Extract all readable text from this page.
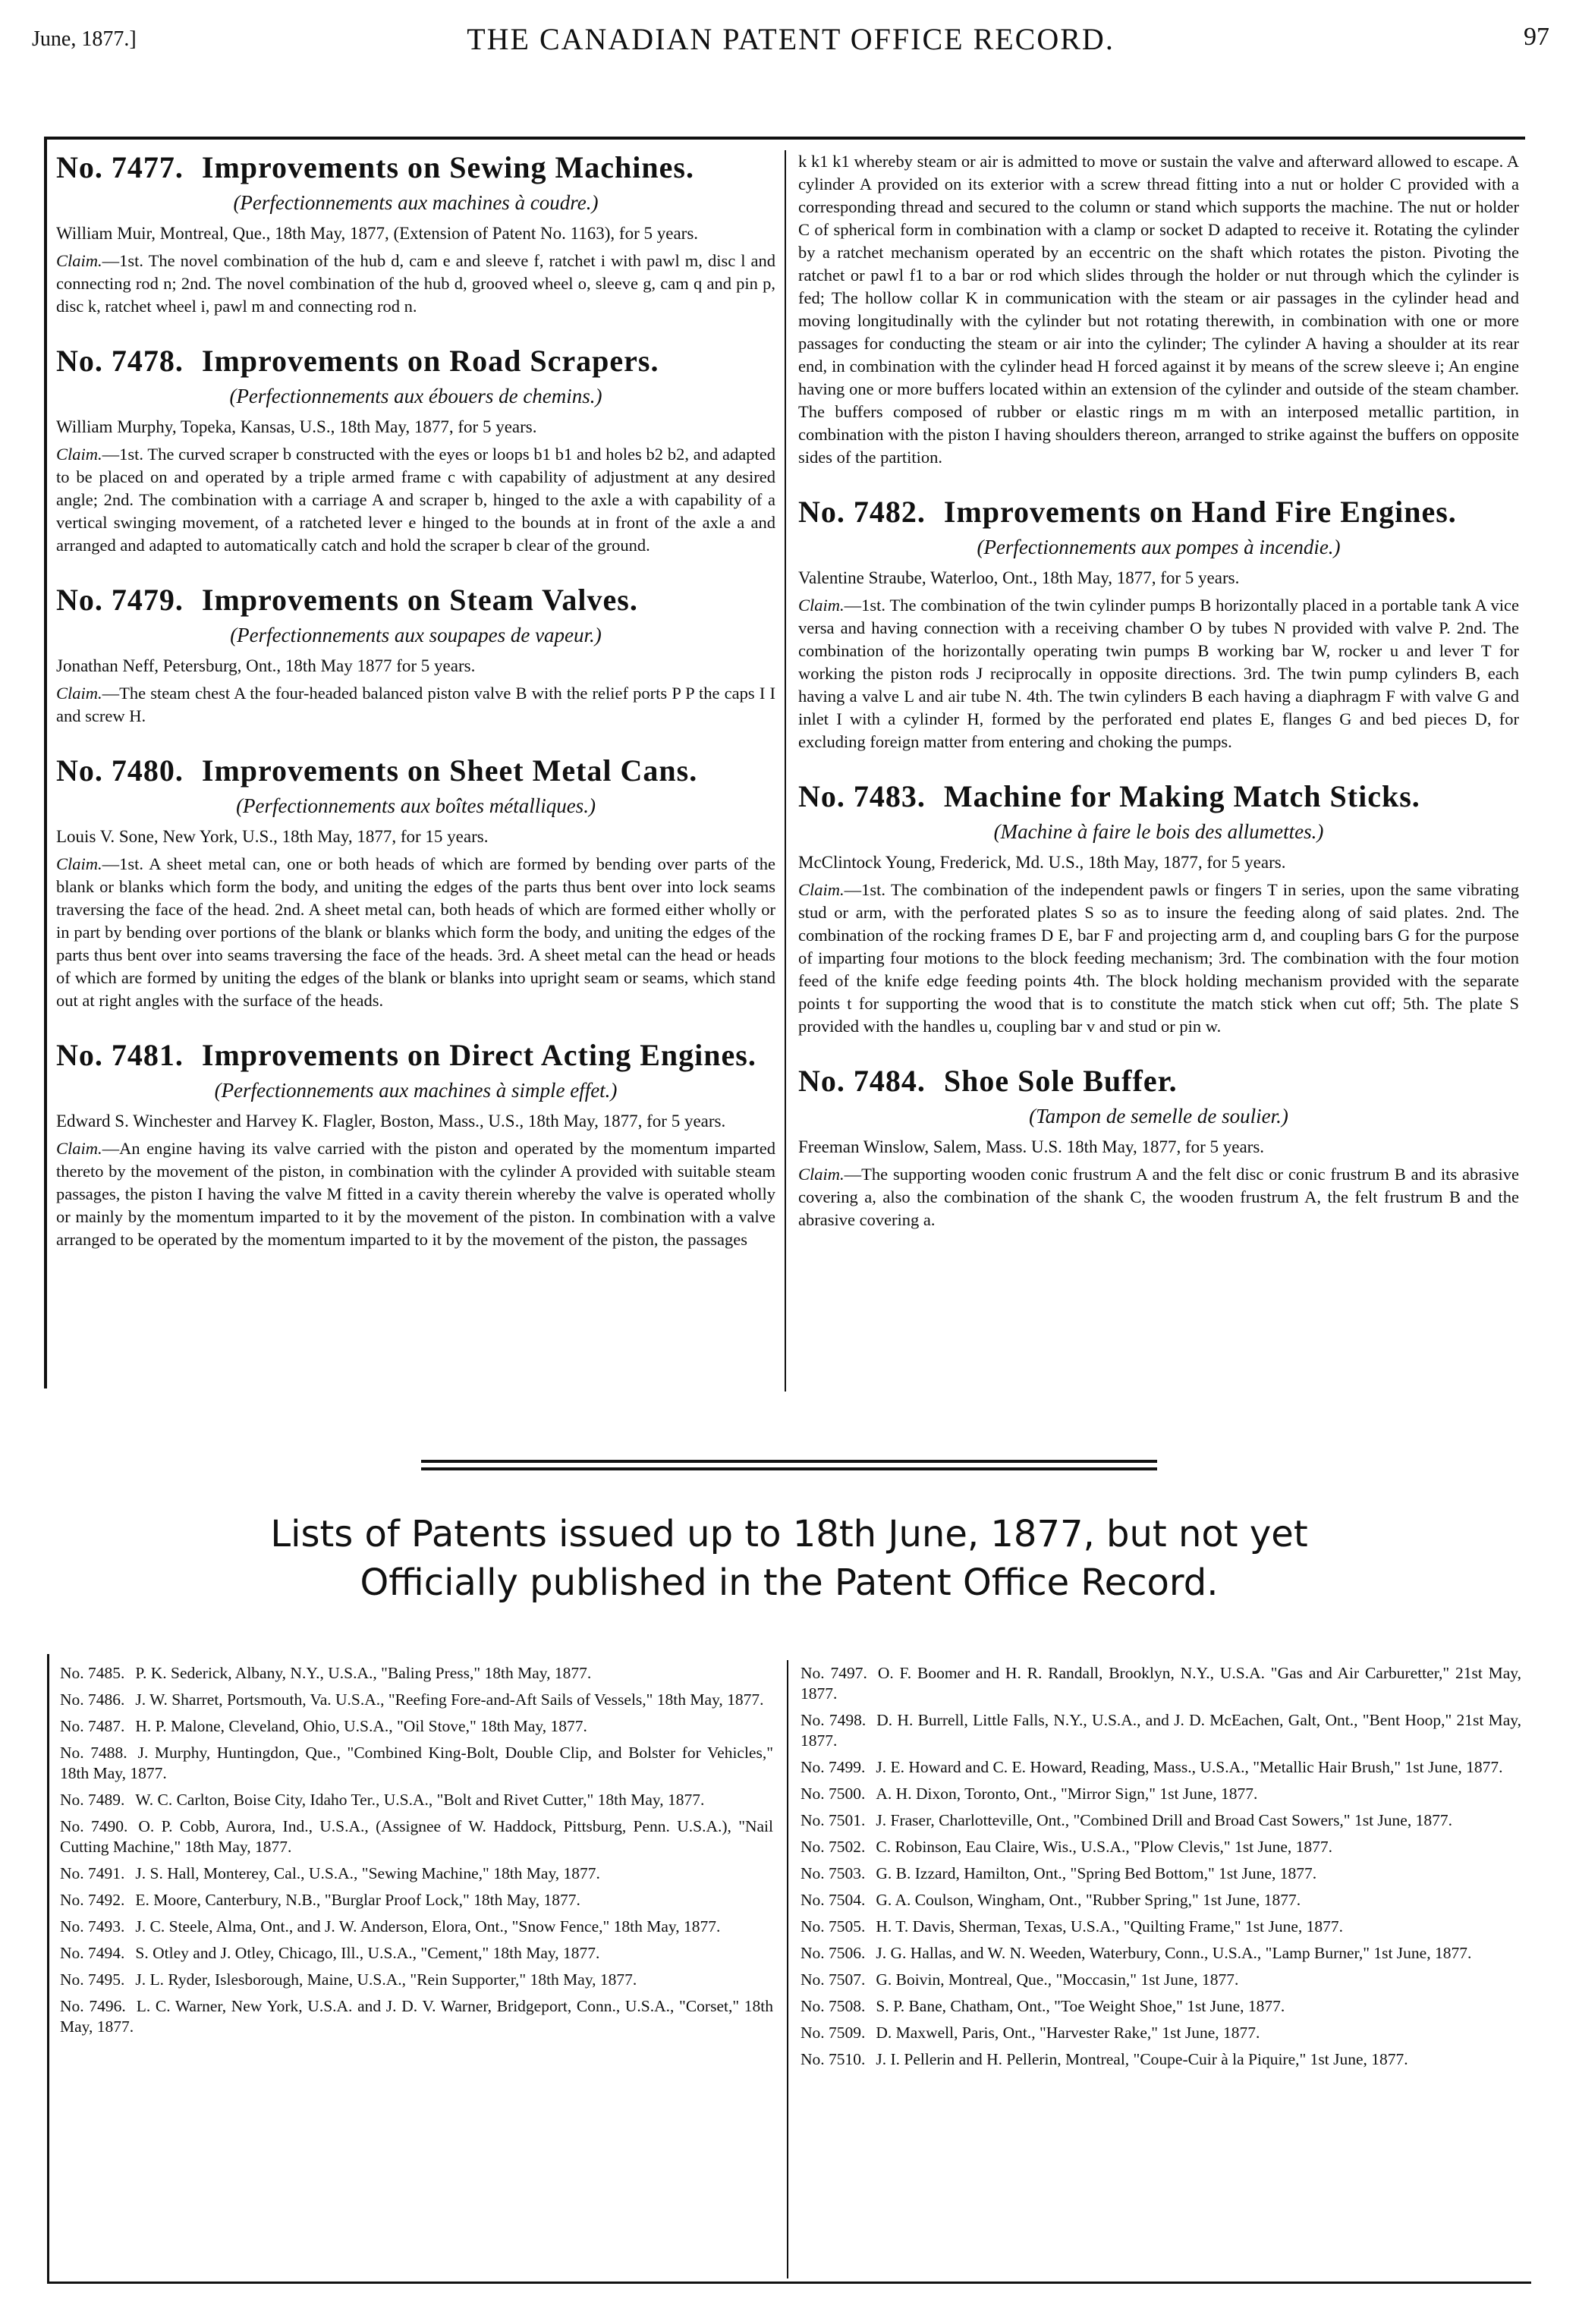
June, 1877.]	THE CANADIAN PATENT OFFICE RECORD.	97
No. 7477. Improvements on Sewing Machines.
(Perfectionnements aux machines à coudre.)
William Muir, Montreal, Que., 18th May, 1877, (Extension of Patent No. 1163), for 5 years.
Claim.—1st. The novel combination of the hub d, cam e and sleeve f, ratchet i with pawl m, disc l and connecting rod n; 2nd. The novel combination of the hub d, grooved wheel o, sleeve g, cam q and pin p, disc k, ratchet wheel i, pawl m and connecting rod n.
No. 7478. Improvements on Road Scrapers.
(Perfectionnements aux ébouers de chemins.)
William Murphy, Topeka, Kansas, U.S., 18th May, 1877, for 5 years.
Claim.—1st. The curved scraper b constructed with the eyes or loops b1 b1 and holes b2 b2, and adapted to be placed on and operated by a triple armed frame c with capability of adjustment at any desired angle; 2nd. The combination with a carriage A and scraper b, hinged to the axle a with capability of a vertical swinging movement, of a ratcheted lever e hinged to the bounds at in front of the axle a and arranged and adapted to automatically catch and hold the scraper b clear of the ground.
No. 7479. Improvements on Steam Valves.
(Perfectionnements aux soupapes de vapeur.)
Jonathan Neff, Petersburg, Ont., 18th May 1877 for 5 years.
Claim.—The steam chest A the four-headed balanced piston valve B with the relief ports P P the caps I I and screw H.
No. 7480. Improvements on Sheet Metal Cans.
(Perfectionnements aux boîtes métalliques.)
Louis V. Sone, New York, U.S., 18th May, 1877, for 15 years.
Claim.—1st. A sheet metal can, one or both heads of which are formed by bending over parts of the blank or blanks which form the body, and uniting the edges of the parts thus bent over into lock seams traversing the face of the head. 2nd. A sheet metal can, both heads of which are formed either wholly or in part by bending over portions of the blank or blanks which form the body, and uniting the edges of the parts thus bent over into seams traversing the face of the heads. 3rd. A sheet metal can the head or heads of which are formed by uniting the edges of the blank or blanks into upright seam or seams, which stand out at right angles with the surface of the heads.
No. 7481. Improvements on Direct Acting Engines.
(Perfectionnements aux machines à simple effet.)
Edward S. Winchester and Harvey K. Flagler, Boston, Mass., U.S., 18th May, 1877, for 5 years.
Claim.—An engine having its valve carried with the piston and operated by the momentum imparted thereto by the movement of the piston, in combination with the cylinder A provided with suitable steam passages, the piston I having the valve M fitted in a cavity therein whereby the valve is operated wholly or mainly by the momentum imparted to it by the movement of the piston. In combination with a valve arranged to be operated by the momentum imparted to it by the movement of the piston, the passages
k k1 k1 whereby steam or air is admitted to move or sustain the valve and afterward allowed to escape. A cylinder A provided on its exterior with a screw thread fitting into a nut or holder C provided with a corresponding thread and secured to the column or stand which supports the machine. The nut or holder C of spherical form in combination with a clamp or socket D adapted to receive it. Rotating the cylinder by a ratchet mechanism operated by an eccentric on the shaft which rotates the piston. Pivoting the ratchet or pawl f1 to a bar or rod which slides through the holder or nut through which the cylinder is fed; The hollow collar K in communication with the steam or air passages in the cylinder head and moving longitudinally with the cylinder but not rotating therewith, in combination with one or more passages for conducting the steam or air into the cylinder; The cylinder A having a shoulder at its rear end, in combination with the cylinder head H forced against it by means of the screw sleeve i; An engine having one or more buffers located within an extension of the cylinder and outside of the steam chamber. The buffers composed of rubber or elastic rings m m with an interposed metallic partition, in combination with the piston I having shoulders thereon, arranged to strike against the buffers on opposite sides of the partition.
No. 7482. Improvements on Hand Fire Engines.
(Perfectionnements aux pompes à incendie.)
Valentine Straube, Waterloo, Ont., 18th May, 1877, for 5 years.
Claim.—1st. The combination of the twin cylinder pumps B horizontally placed in a portable tank A vice versa and having connection with a receiving chamber O by tubes N provided with valve P. 2nd. The combination of the horizontally operating twin pumps B working bar W, rocker u and lever T for working the piston rods J reciprocally in opposite directions. 3rd. The twin pump cylinders B, each having a valve L and air tube N. 4th. The twin cylinders B each having a diaphragm F with valve G and inlet I with a cylinder H, formed by the perforated end plates E, flanges G and bed pieces D, for excluding foreign matter from entering and choking the pumps.
No. 7483. Machine for Making Match Sticks.
(Machine à faire le bois des allumettes.)
McClintock Young, Frederick, Md. U.S., 18th May, 1877, for 5 years.
Claim.—1st. The combination of the independent pawls or fingers T in series, upon the same vibrating stud or arm, with the perforated plates S so as to insure the feeding along of said plates. 2nd. The combination of the rocking frames D E, bar F and projecting arm d, and coupling bars G for the purpose of imparting four motions to the block feeding mechanism; 3rd. The combination with the four motion feed of the knife edge feeding points 4th. The block holding mechanism provided with the separate points t for supporting the wood that is to constitute the match stick when cut off; 5th. The plate S provided with the handles u, coupling bar v and stud or pin w.
No. 7484. Shoe Sole Buffer.
(Tampon de semelle de soulier.)
Freeman Winslow, Salem, Mass. U.S. 18th May, 1877, for 5 years.
Claim.—The supporting wooden conic frustrum A and the felt disc or conic frustrum B and its abrasive covering a, also the combination of the shank C, the wooden frustrum A, the felt frustrum B and the abrasive covering a.
Lists of Patents issued up to 18th June, 1877, but not yet
Officially published in the Patent Office Record.
No. 7485. P. K. Sederick, Albany, N.Y., U.S.A., "Baling Press," 18th May, 1877.
No. 7486. J. W. Sharret, Portsmouth, Va. U.S.A., "Reefing Fore-and-Aft Sails of Vessels," 18th May, 1877.
No. 7487. H. P. Malone, Cleveland, Ohio, U.S.A., "Oil Stove," 18th May, 1877.
No. 7488. J. Murphy, Huntingdon, Que., "Combined King-Bolt, Double Clip, and Bolster for Vehicles," 18th May, 1877.
No. 7489. W. C. Carlton, Boise City, Idaho Ter., U.S.A., "Bolt and Rivet Cutter," 18th May, 1877.
No. 7490. O. P. Cobb, Aurora, Ind., U.S.A., (Assignee of W. Haddock, Pittsburg, Penn. U.S.A.), "Nail Cutting Machine," 18th May, 1877.
No. 7491. J. S. Hall, Monterey, Cal., U.S.A., "Sewing Machine," 18th May, 1877.
No. 7492. E. Moore, Canterbury, N.B., "Burglar Proof Lock," 18th May, 1877.
No. 7493. J. C. Steele, Alma, Ont., and J. W. Anderson, Elora, Ont., "Snow Fence," 18th May, 1877.
No. 7494. S. Otley and J. Otley, Chicago, Ill., U.S.A., "Cement," 18th May, 1877.
No. 7495. J. L. Ryder, Islesborough, Maine, U.S.A., "Rein Supporter," 18th May, 1877.
No. 7496. L. C. Warner, New York, U.S.A. and J. D. V. Warner, Bridgeport, Conn., U.S.A., "Corset," 18th May, 1877.
No. 7497. O. F. Boomer and H. R. Randall, Brooklyn, N.Y., U.S.A. "Gas and Air Carburetter," 21st May, 1877.
No. 7498. D. H. Burrell, Little Falls, N.Y., U.S.A., and J. D. McEachen, Galt, Ont., "Bent Hoop," 21st May, 1877.
No. 7499. J. E. Howard and C. E. Howard, Reading, Mass., U.S.A., "Metallic Hair Brush," 1st June, 1877.
No. 7500. A. H. Dixon, Toronto, Ont., "Mirror Sign," 1st June, 1877.
No. 7501. J. Fraser, Charlotteville, Ont., "Combined Drill and Broad Cast Sowers," 1st June, 1877.
No. 7502. C. Robinson, Eau Claire, Wis., U.S.A., "Plow Clevis," 1st June, 1877.
No. 7503. G. B. Izzard, Hamilton, Ont., "Spring Bed Bottom," 1st June, 1877.
No. 7504. G. A. Coulson, Wingham, Ont., "Rubber Spring," 1st June, 1877.
No. 7505. H. T. Davis, Sherman, Texas, U.S.A., "Quilting Frame," 1st June, 1877.
No. 7506. J. G. Hallas, and W. N. Weeden, Waterbury, Conn., U.S.A., "Lamp Burner," 1st June, 1877.
No. 7507. G. Boivin, Montreal, Que., "Moccasin," 1st June, 1877.
No. 7508. S. P. Bane, Chatham, Ont., "Toe Weight Shoe," 1st June, 1877.
No. 7509. D. Maxwell, Paris, Ont., "Harvester Rake," 1st June, 1877.
No. 7510. J. I. Pellerin and H. Pellerin, Montreal, "Coupe-Cuir à la Piquire," 1st June, 1877.
